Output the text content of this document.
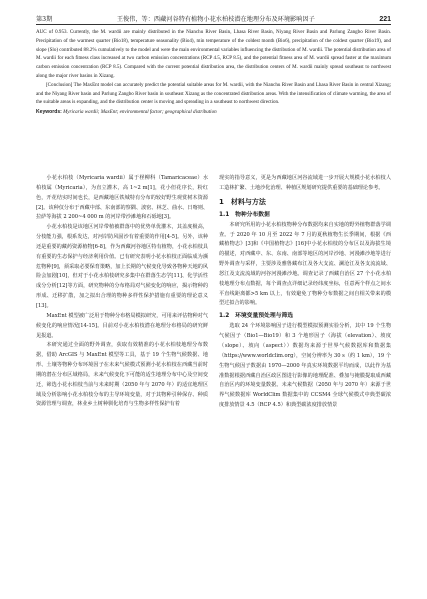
第3期	王俊伟，等：西藏河谷特有植物小花水柏枝潜在地理分布及环境影响因子	221

AUC of 0.953. Currently, the M. wardii are mainly distributed in the Nianchu River Basin, Lhasa River Basin, Niyang River Basin and Parlung Zangbo River Basin. Precipitation of the warmest quarter (Bio18), temperature seasonality (Bio4), min temperature of the coldest month (Bio6), precipitation of the coldest quarter (Bio19), and slope (Slo) contributed 88.2% cumulatively to the model and were the main environmental variables influencing the distribution of M. wardii. The potential distribution area of M. wardii for each fitness class increased at two carbon emission concentrations (RCP 4.5, RCP 8.5), and the potential fitness area of M. wardii spread faster at the maximum carbon emission concentration (RCP 8.5). Compared with the current potential distribution area, the distribution centers of M. wardii mainly spread southeast to northwest along the major river basins in Xizang.

[Conclusion] The MaxEnt model can accurately predict the potential suitable areas for M. wardii, with the Nianchu River Basin and Lhasa River Basin in central Xizang; and the Niyang River basin and Parlung Zangbo River basin in southeast Xizang as the concentrated distribution areas. With the intensification of climate warming, the area of the suitable areas is expanding, and the distribution center is moving and spreading in a southeast to northwest direction.

Keywords: Myricaria wardii; MaxEnt; environmental factor; geographical distribution

小花水柏枝（Myricaria wardii）属于柽柳科（Tamaricaceae）水柏枝属（Myricaria），为直立灌木，高 1~2 m[1]，花小但花序长，粉红色，开花结实时间也长，是西藏地区铁城特有分布的较好野生观赏树木资源[2]。该种仅分布于西藏中部、东南部的察隅、波密、林芝、曲水、日喀则、拉萨等海拔 2 200~4 000 m 的河岸带沙滩地和石砾地[3]。

小花水柏枝是该地区河岸带植被群落中的优势单优灌木，其盖度极高，分枝能力强，根系发达，对河岸防风固沙有着重要的作用[4-5]。另外，该种还是重要的藏药资源植物[6-8]，作为西藏河谷地区特有植物，小花水柏枝具有重要的生态保护与经济利用价值。已有研究表明小花水柏枝正面临成为濒危物种[9]，须采取必要保育策略，加上长期的气候变化导致各物种天地的风险会加剧[10]，但对于小花水柏枝研究多集中在群落生态学[11]、化学活性成分分析[12]等方面，研究物种的分布格局对气候变化的响应，揭示物种的形成、迁移扩散，加之拟出合理的物种多样性保护措施有重要的理论意义[13]。

MaxEnt 模型被广泛用于物种分布格局模拟研究，可用来评估物种对气候变化的响应情况[14-15]。目前对小花水柏枝潜在地理分布格局的研究鲜见报道。

本研究通过全面的野外调查，获取有效精准的小花水柏枝地理分布数据，借助 ArcGIS 与 MaxEnt 模型等工具，基于 19 个生物气候数据、地形、土壤等物种分布环境因子在未来气候模式预测小花水柏枝在西藏当前时期的潜在分布区域格局，未来气候变化下可能的适生地理分布中心及空间变迁，筛选小花水柏枝当前与未来时期（2050 年与 2070 年）的适宜地理区域及分析影响小花水柏枝分布的主导环境变量，对于其物种引种保存、种质资源管理与调查，林业乡土树种驯化培育与生物多样性保护有着

现实的指导意义，更是为西藏地区河谷流域进一步开展大规模小花水柏枝人工造林扩繁、土地沙化治理、种植区规划研究提供重要的基础理论参考。

1　材料与方法

1.1　物种分布数据

本研究所用的小花水柏枝物种分布数据均来自实地的野外植物群落学调查。于 2020 年 10 月至 2022 年 7 月的夏秋植物生长季期间，根据《西藏植物志》[3]和《中国植物志》[16]中小花水柏枝的分布区以及海拔生境的描述，对西藏中、东、东南、南部等地区的河岸沙地、河漫滩沙地等进行野外调查与采样，主要涉及雅鲁藏布江及各大支流、澜沧江及各支流流域、怒江及支流流域的河谷河漫滩沙地。调查记录了西藏自治区 27 个小花水柏枝地理分布点数据，每个调查点详细记录经纬度坐标，任意两个样点之间水平直线距离都>5 km 以上，有效避免了物种分布数据之间自相关带来的模型过拟合的影响。

1.2　环境变量预处理与筛选

选取 24 个环境影响因子进行模型模拟预测实验分析，其中 19 个生物气候因子（Bio1—Bio19）和 3 个地形因子（海拔（elevation）、坡度（slope）、坡向（aspect））数据均来源于世界气候数据库和数据集（https://www.worldclim.org），空间分辨率为 30 s（约 1 km），19 个生物气候因子数据由 1970—2000 年真实环境数据平均而成，以此作为基准数据根据西藏自治区政区图进行影像的地理配准、叠加与掩膜提取成西藏自治区内的环境变量数据。未来气候数据（2050 年与 2070 年）来源于世界气候数据库 WorldClim 数据集中的 CCSM4 全球气候模式中典型碳浓度排放情景 4.5（RCP 4.5）和典型碳浓度排放情景
